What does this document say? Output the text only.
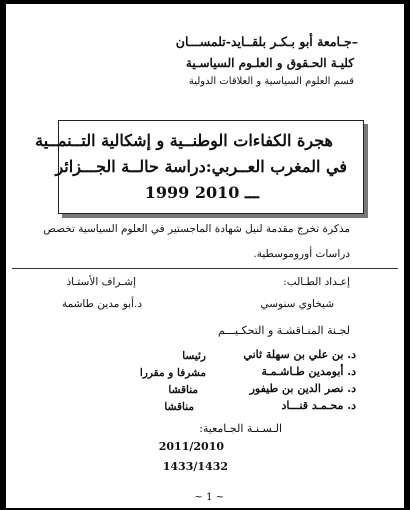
–جـامعة أبو بـكـر بلقــايد-تلمســـان
كليـة الحـقوق و العلـوم السياسـية
قسم العلوم السياسية و العلاقات الدولية
هجرة الكفاءات الوطنــية و إشكالية التــنمــية
في المغرب العــربي:دراسة حالــة الجـــزائر
1999 ـــ 2010
مذكرة تخرج مقدمة لنيل شهادة الماجستير في العلوم السياسية تخصص
دراسات أوروموسطية.
إعـداد الطـالب:
إشـراف الأستـاذ
شيخاوي سنوسي
د.أبو مدين طاشمة
لجـنة المنـاقشـة و التحكـيـــم
د. بن علي بن سهلة ثاني
رئيسا
د. أبومدين طـاشـمـة
مشرفا و مقررا
د. نصر الدين بن طيفور
مناقشا
د. محـمـد قنـــاد
مناقشا
الـسـنـة الجـامعية:
2011/2010
1433/1432
~ 1 ~
